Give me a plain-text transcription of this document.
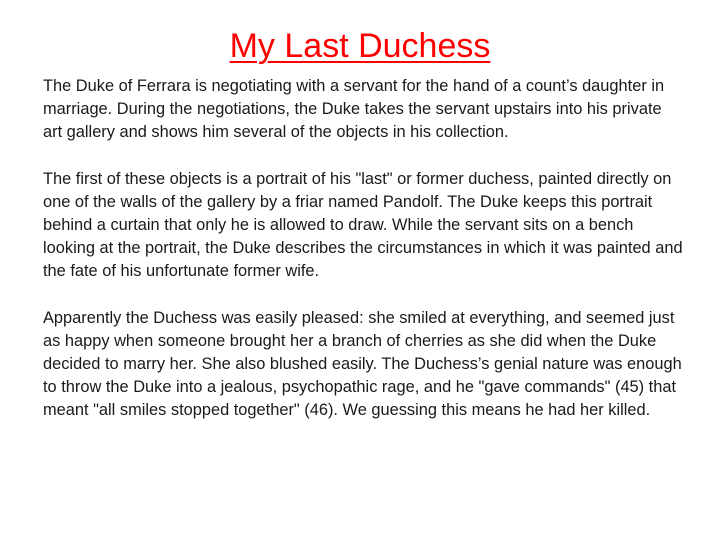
My Last Duchess

The Duke of Ferrara is negotiating with a servant for the hand of a count’s daughter in marriage. During the negotiations, the Duke takes the servant upstairs into his private art gallery and shows him several of the objects in his collection.

The first of these objects is a portrait of his "last" or former duchess, painted directly on one of the walls of the gallery by a friar named Pandolf. The Duke keeps this portrait behind a curtain that only he is allowed to draw. While the servant sits on a bench looking at the portrait, the Duke describes the circumstances in which it was painted and the fate of his unfortunate former wife.

Apparently the Duchess was easily pleased: she smiled at everything, and seemed just as happy when someone brought her a branch of cherries as she did when the Duke decided to marry her. She also blushed easily. The Duchess’s genial nature was enough to throw the Duke into a jealous, psychopathic rage, and he "gave commands" (45) that meant "all smiles stopped together" (46). We guessing this means he had her killed.
